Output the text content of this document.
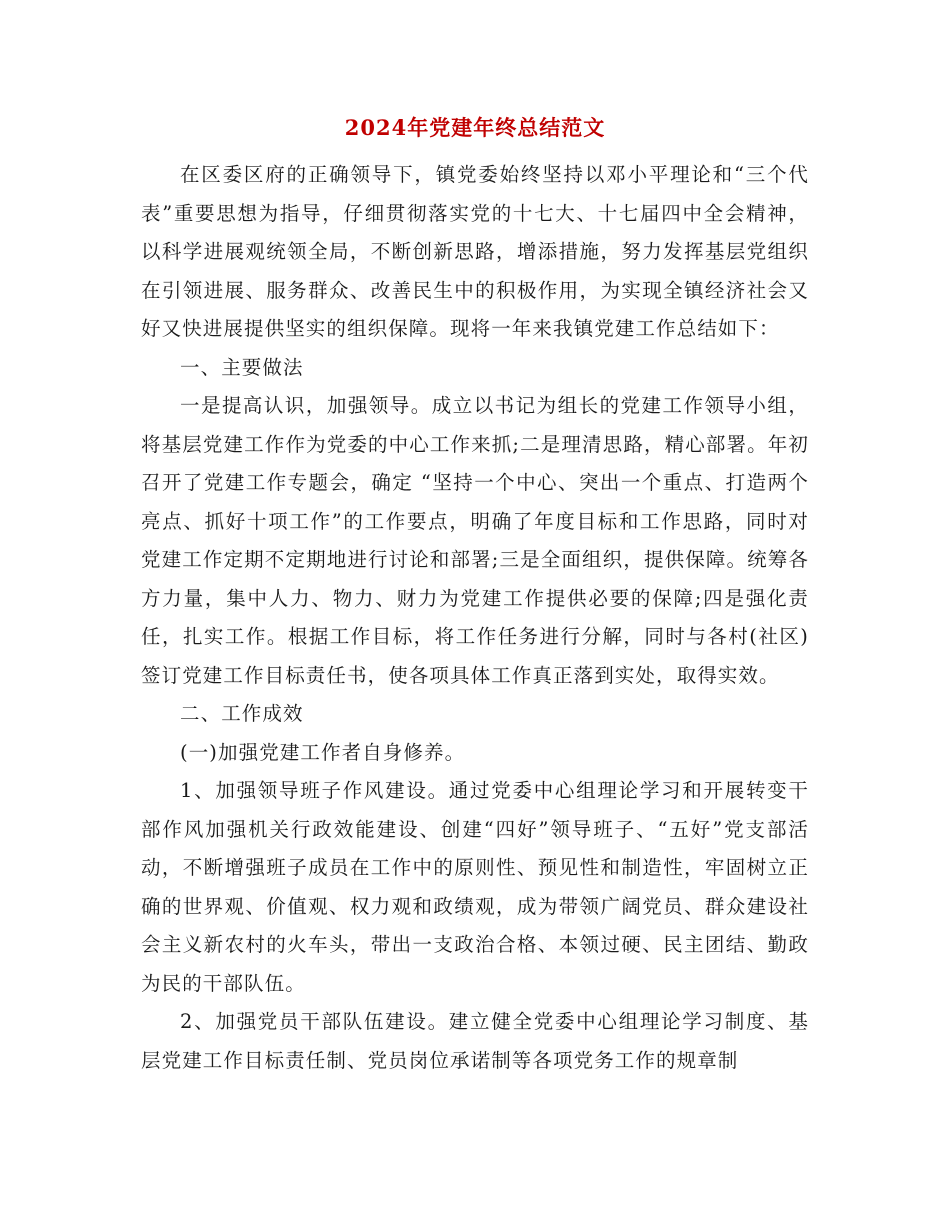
2024年党建年终总结范文

在区委区府的正确领导下，镇党委始终坚持以邓小平理论和“三个代表”重要思想为指导，仔细贯彻落实党的十七大、十七届四中全会精神，以科学进展观统领全局，不断创新思路，增添措施，努力发挥基层党组织在引领进展、服务群众、改善民生中的积极作用，为实现全镇经济社会又好又快进展提供坚实的组织保障。现将一年来我镇党建工作总结如下：

一、主要做法

一是提高认识，加强领导。成立以书记为组长的党建工作领导小组，将基层党建工作作为党委的中心工作来抓;二是理清思路，精心部署。年初召开了党建工作专题会，确定 “坚持一个中心、突出一个重点、打造两个亮点、抓好十项工作”的工作要点，明确了年度目标和工作思路，同时对党建工作定期不定期地进行讨论和部署;三是全面组织，提供保障。统筹各方力量，集中人力、物力、财力为党建工作提供必要的保障;四是强化责任，扎实工作。根据工作目标，将工作任务进行分解，同时与各村(社区)签订党建工作目标责任书，使各项具体工作真正落到实处，取得实效。

二、工作成效

(一)加强党建工作者自身修养。

1、加强领导班子作风建设。通过党委中心组理论学习和开展转变干部作风加强机关行政效能建设、创建“四好”领导班子、“五好”党支部活动，不断增强班子成员在工作中的原则性、预见性和制造性，牢固树立正确的世界观、价值观、权力观和政绩观，成为带领广阔党员、群众建设社会主义新农村的火车头，带出一支政治合格、本领过硬、民主团结、勤政为民的干部队伍。

2、加强党员干部队伍建设。建立健全党委中心组理论学习制度、基层党建工作目标责任制、党员岗位承诺制等各项党务工作的规章制
